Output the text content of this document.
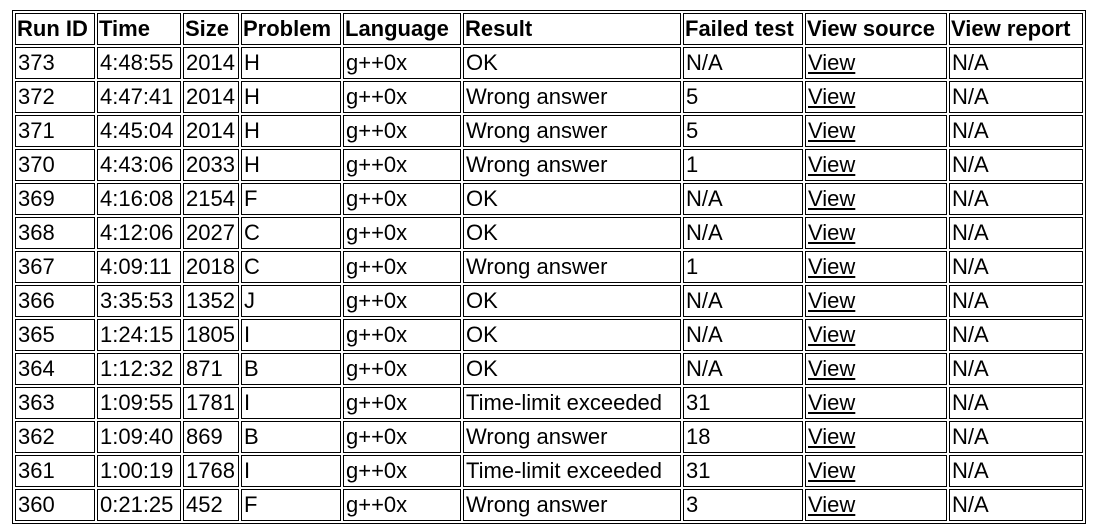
Run ID	Time	Size	Problem	Language	Result	Failed test	View source	View report
373	4:48:55	2014	H	g++0x	OK	N/A	View	N/A
372	4:47:41	2014	H	g++0x	Wrong answer	5	View	N/A
371	4:45:04	2014	H	g++0x	Wrong answer	5	View	N/A
370	4:43:06	2033	H	g++0x	Wrong answer	1	View	N/A
369	4:16:08	2154	F	g++0x	OK	N/A	View	N/A
368	4:12:06	2027	C	g++0x	OK	N/A	View	N/A
367	4:09:11	2018	C	g++0x	Wrong answer	1	View	N/A
366	3:35:53	1352	J	g++0x	OK	N/A	View	N/A
365	1:24:15	1805	I	g++0x	OK	N/A	View	N/A
364	1:12:32	871	B	g++0x	OK	N/A	View	N/A
363	1:09:55	1781	I	g++0x	Time-limit exceeded	31	View	N/A
362	1:09:40	869	B	g++0x	Wrong answer	18	View	N/A
361	1:00:19	1768	I	g++0x	Time-limit exceeded	31	View	N/A
360	0:21:25	452	F	g++0x	Wrong answer	3	View	N/A
